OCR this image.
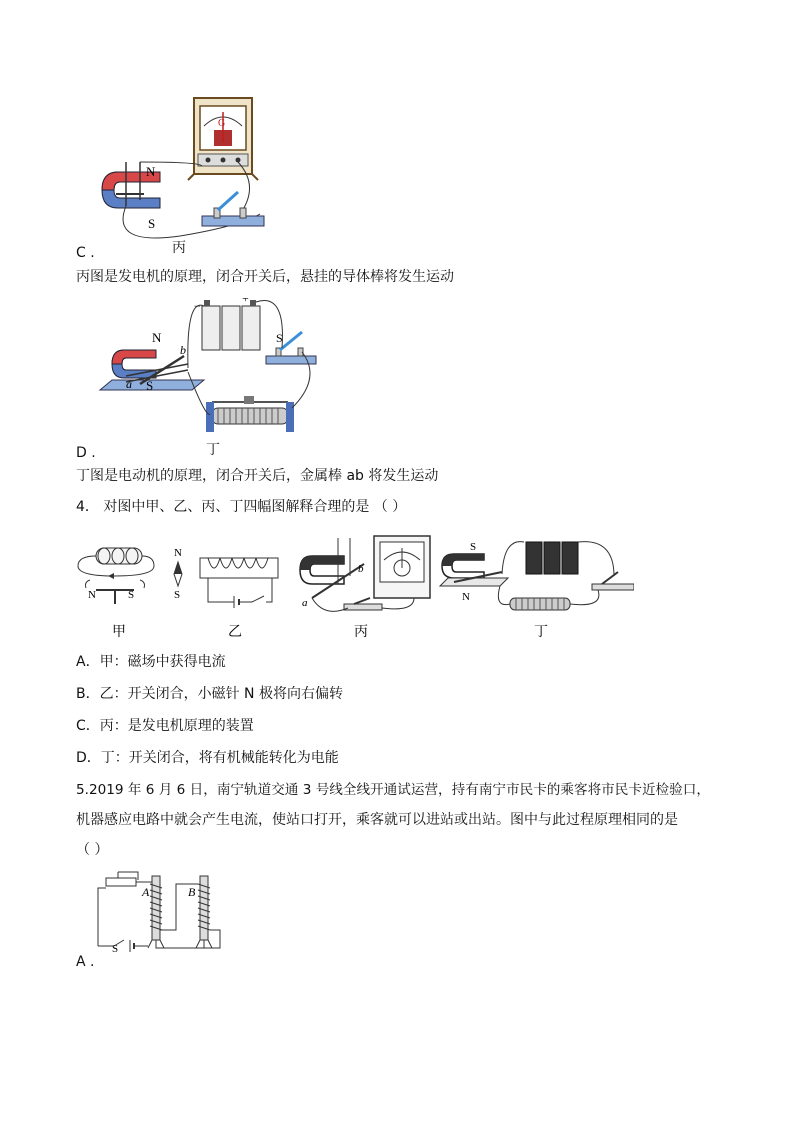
N
S
G
C .	丙
丙图是发电机的原理，闭合开关后，悬挂的导体棒将发生运动
−
+
b
a
N
S
S
D .	丁
丁图是电动机的原理，闭合开关后，金属棒 ab 将发生运动
4． 对图中甲、乙、丙、丁四幅图解释合理的是 （ ）
N	S
N
S
b
a
S
N
甲	乙	丙	丁
A．甲：磁场中获得电流
B．乙：开关闭合，小磁针 N 极将向右偏转
C．丙：是发电机原理的装置
D．丁：开关闭合，将有机械能转化为电能
5.2019 年 6 月 6 日，南宁轨道交通 3 号线全线开通试运营，持有南宁市民卡的乘客将市民卡近检验口，
机器感应电路中就会产生电流，使站口打开，乘客就可以进站或出站。图中与此过程原理相同的是
（ ）
A	B
S
A .
